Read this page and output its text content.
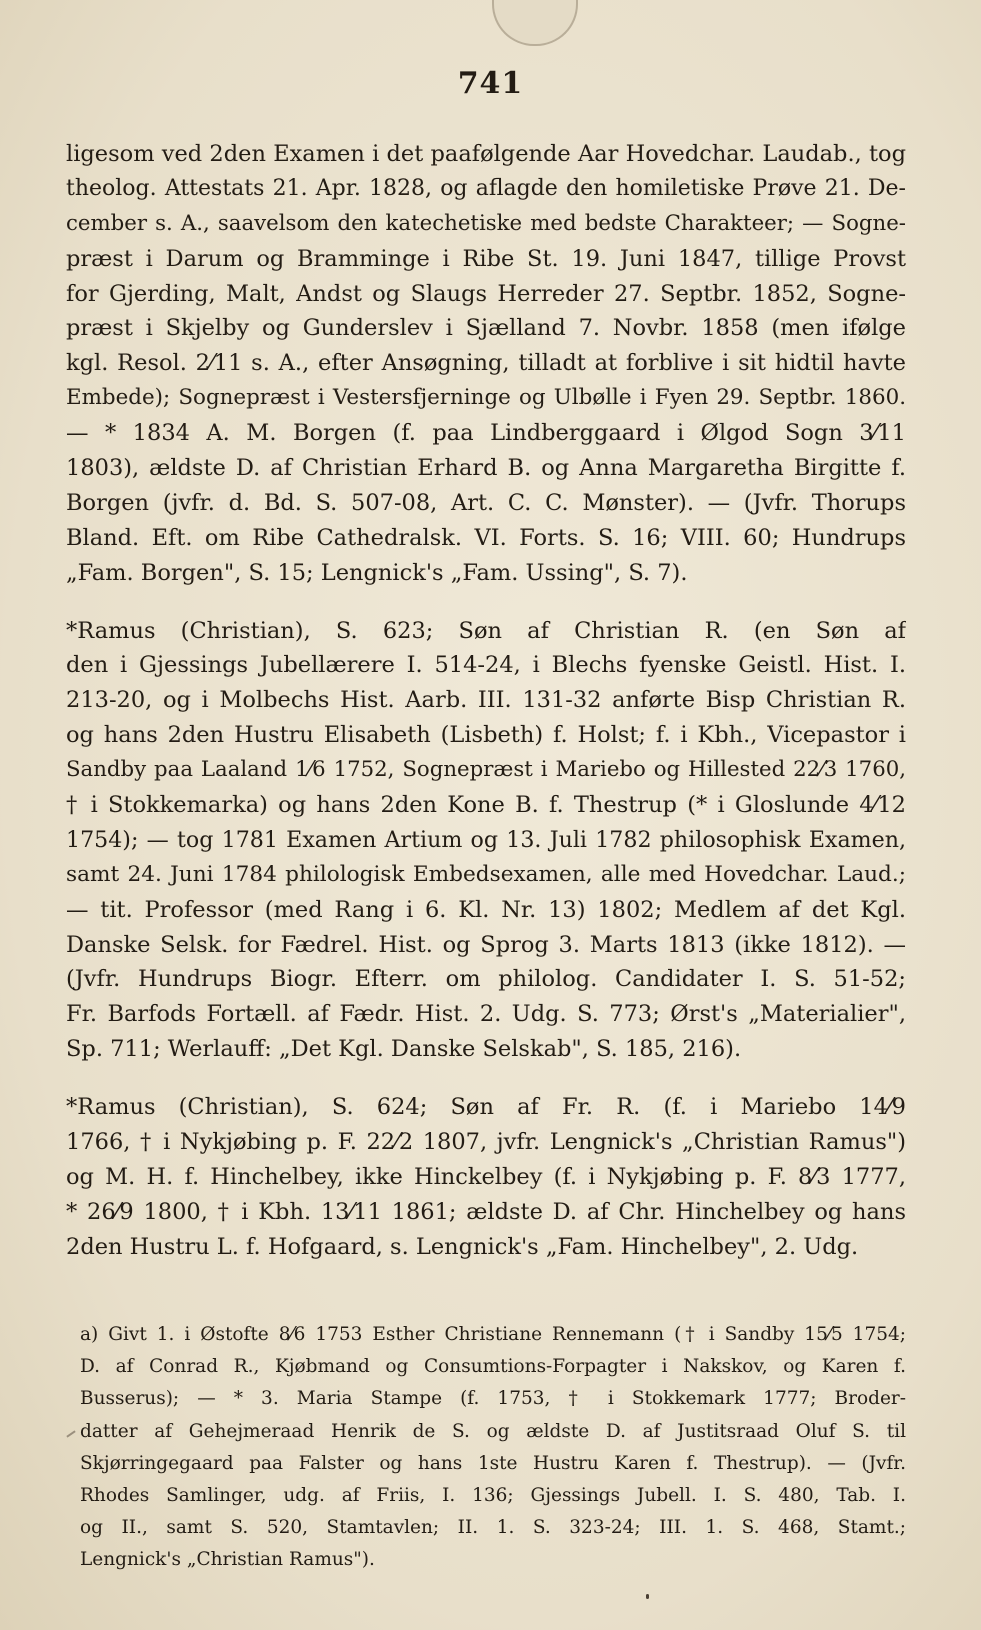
741
ligesom ved 2den Examen i det paafølgende Aar Hovedchar. Laudab., tog
theolog. Attestats 21. Apr. 1828, og aflagde den homiletiske Prøve 21. De-
cember s. A., saavelsom den katechetiske med bedste Charakteer; — Sogne-
præst i Darum og Bramminge i Ribe St. 19. Juni 1847, tillige Provst
for Gjerding, Malt, Andst og Slaugs Herreder 27. Septbr. 1852, Sogne-
præst i Skjelby og Gunderslev i Sjælland 7. Novbr. 1858 (men ifølge
kgl. Resol. 2⁄11 s. A., efter Ansøgning, tilladt at forblive i sit hidtil havte
Embede); Sognepræst i Vestersfjerninge og Ulbølle i Fyen 29. Septbr. 1860.
— * 1834 A. M. Borgen (f. paa Lindberggaard i Ølgod Sogn 3⁄11
1803), ældste D. af Christian Erhard B. og Anna Margaretha Birgitte f.
Borgen (jvfr. d. Bd. S. 507-08, Art. C. C. Mønster). — (Jvfr. Thorups
Bland. Eft. om Ribe Cathedralsk. VI. Forts. S. 16; VIII. 60; Hundrups
„Fam. Borgen", S. 15; Lengnick's „Fam. Ussing", S. 7).
*Ramus (Christian), S. 623; Søn af Christian R. (en Søn af
den i Gjessings Jubellærere I. 514-24, i Blechs fyenske Geistl. Hist. I.
213-20, og i Molbechs Hist. Aarb. III. 131-32 anførte Bisp Christian R.
og hans 2den Hustru Elisabeth (Lisbeth) f. Holst; f. i Kbh., Vicepastor i
Sandby paa Laaland 1⁄6 1752, Sognepræst i Mariebo og Hillested 22⁄3 1760,
† i Stokkemarka) og hans 2den Kone B. f. Thestrup (* i Gloslunde 4⁄12
1754); — tog 1781 Examen Artium og 13. Juli 1782 philosophisk Examen,
samt 24. Juni 1784 philologisk Embedsexamen, alle med Hovedchar. Laud.;
— tit. Professor (med Rang i 6. Kl. Nr. 13) 1802; Medlem af det Kgl.
Danske Selsk. for Fædrel. Hist. og Sprog 3. Marts 1813 (ikke 1812). —
(Jvfr. Hundrups Biogr. Efterr. om philolog. Candidater I. S. 51-52;
Fr. Barfods Fortæll. af Fædr. Hist. 2. Udg. S. 773; Ørst's „Materialier",
Sp. 711; Werlauff: „Det Kgl. Danske Selskab", S. 185, 216).
*Ramus (Christian), S. 624; Søn af Fr. R. (f. i Mariebo 14⁄9
1766, † i Nykjøbing p. F. 22⁄2 1807, jvfr. Lengnick's „Christian Ramus")
og M. H. f. Hinchelbey, ikke Hinckelbey (f. i Nykjøbing p. F. 8⁄3 1777,
* 26⁄9 1800, † i Kbh. 13⁄11 1861; ældste D. af Chr. Hinchelbey og hans
2den Hustru L. f. Hofgaard, s. Lengnick's „Fam. Hinchelbey", 2. Udg.
a) Givt 1. i Østofte 8⁄6 1753 Esther Christiane Rennemann († i Sandby 15⁄5 1754;
D. af Conrad R., Kjøbmand og Consumtions-Forpagter i Nakskov, og Karen f.
Busserus); — * 3. Maria Stampe (f. 1753, † i Stokkemark 1777; Broder-
datter af Gehejmeraad Henrik de S. og ældste D. af Justitsraad Oluf S. til
Skjørringegaard paa Falster og hans 1ste Hustru Karen f. Thestrup). — (Jvfr.
Rhodes Samlinger, udg. af Friis, I. 136; Gjessings Jubell. I. S. 480, Tab. I.
og II., samt S. 520, Stamtavlen; II. 1. S. 323-24; III. 1. S. 468, Stamt.;
Lengnick's „Christian Ramus").
